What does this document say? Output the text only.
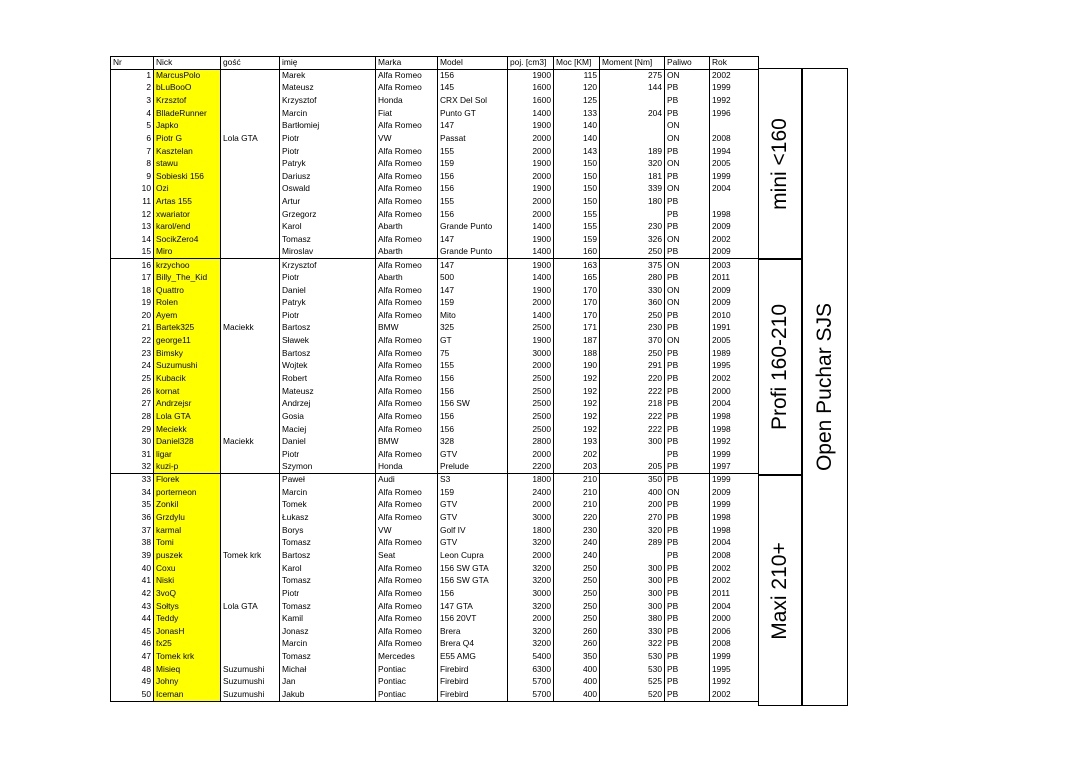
Nr	Nick	gość	imię	Marka	Model	poj. [cm3]	Moc [KM]	Moment [Nm]	Paliwo	Rok
1	MarcusPolo		Marek	Alfa Romeo	156	1900	115	275	ON	2002
2	bLuBooO		Mateusz	Alfa Romeo	145	1600	120	144	PB	1999
3	Krzsztof		Krzysztof	Honda	CRX Del Sol	1600	125		PB	1992
4	BlladeRunner		Marcin	Fiat	Punto GT	1400	133	204	PB	1996
5	Japko		Bartłomiej	Alfa Romeo	147	1900	140		ON	
6	Piotr G	Lola GTA	Piotr	VW	Passat	2000	140		ON	2008
7	Kasztelan		Piotr	Alfa Romeo	155	2000	143	189	PB	1994
8	stawu		Patryk	Alfa Romeo	159	1900	150	320	ON	2005
9	Sobieski 156		Dariusz	Alfa Romeo	156	2000	150	181	PB	1999
10	Ozi		Oswald	Alfa Romeo	156	1900	150	339	ON	2004
11	Artas 155		Artur	Alfa Romeo	155	2000	150	180	PB	
12	xwariator		Grzegorz	Alfa Romeo	156	2000	155		PB	1998
13	karol/end		Karol	Abarth	Grande Punto	1400	155	230	PB	2009
14	SocikZero4		Tomasz	Alfa Romeo	147	1900	159	326	ON	2002
15	Miro		Miroslav	Abarth	Grande Punto	1400	160	250	PB	2009
16	krzychoo		Krzysztof	Alfa Romeo	147	1900	163	375	ON	2003
17	Billy_The_Kid		Piotr	Abarth	500	1400	165	280	PB	2011
18	Quattro		Daniel	Alfa Romeo	147	1900	170	330	ON	2009
19	Rolen		Patryk	Alfa Romeo	159	2000	170	360	ON	2009
20	Ayem		Piotr	Alfa Romeo	Mito	1400	170	250	PB	2010
21	Bartek325	Maciekk	Bartosz	BMW	325	2500	171	230	PB	1991
22	george11		Sławek	Alfa Romeo	GT	1900	187	370	ON	2005
23	Bimsky		Bartosz	Alfa Romeo	75	3000	188	250	PB	1989
24	Suzumushi		Wojtek	Alfa Romeo	155	2000	190	291	PB	1995
25	Kubacik		Robert	Alfa Romeo	156	2500	192	220	PB	2002
26	kornat		Mateusz	Alfa Romeo	156	2500	192	222	PB	2000
27	Andrzejsr		Andrzej	Alfa Romeo	156 SW	2500	192	218	PB	2004
28	Lola GTA		Gosia	Alfa Romeo	156	2500	192	222	PB	1998
29	Meciekk		Maciej	Alfa Romeo	156	2500	192	222	PB	1998
30	Daniel328	Maciekk	Daniel	BMW	328	2800	193	300	PB	1992
31	ligar		Piotr	Alfa Romeo	GTV	2000	202		PB	1999
32	kuzi-p		Szymon	Honda	Prelude	2200	203	205	PB	1997
33	Florek		Paweł	Audi	S3	1800	210	350	PB	1999
34	porterneon		Marcin	Alfa Romeo	159	2400	210	400	ON	2009
35	Zonkil		Tomek	Alfa Romeo	GTV	2000	210	200	PB	1999
36	Grzdylu		Łukasz	Alfa Romeo	GTV	3000	220	270	PB	1998
37	karmal		Borys	VW	Golf IV	1800	230	320	PB	1998
38	Tomi		Tomasz	Alfa Romeo	GTV	3200	240	289	PB	2004
39	puszek	Tomek krk	Bartosz	Seat	Leon Cupra	2000	240		PB	2008
40	Coxu		Karol	Alfa Romeo	156 SW GTA	3200	250	300	PB	2002
41	Niski		Tomasz	Alfa Romeo	156 SW GTA	3200	250	300	PB	2002
42	3voQ		Piotr	Alfa Romeo	156	3000	250	300	PB	2011
43	Sołtys	Lola GTA	Tomasz	Alfa Romeo	147 GTA	3200	250	300	PB	2004
44	Teddy		Kamil	Alfa Romeo	156 20VT	2000	250	380	PB	2000
45	JonasH		Jonasz	Alfa Romeo	Brera	3200	260	330	PB	2006
46	fx25		Marcin	Alfa Romeo	Brera Q4	3200	260	322	PB	2008
47	Tomek krk		Tomasz	Mercedes	E55 AMG	5400	350	530	PB	1999
48	Misieq	Suzumushi	Michał	Pontiac	Firebird	6300	400	530	PB	1995
49	Johny	Suzumushi	Jan	Pontiac	Firebird	5700	400	525	PB	1992
50	Iceman	Suzumushi	Jakub	Pontiac	Firebird	5700	400	520	PB	2002
mini <160
Profi 160-210
Maxi 210+
Open Puchar SJS
